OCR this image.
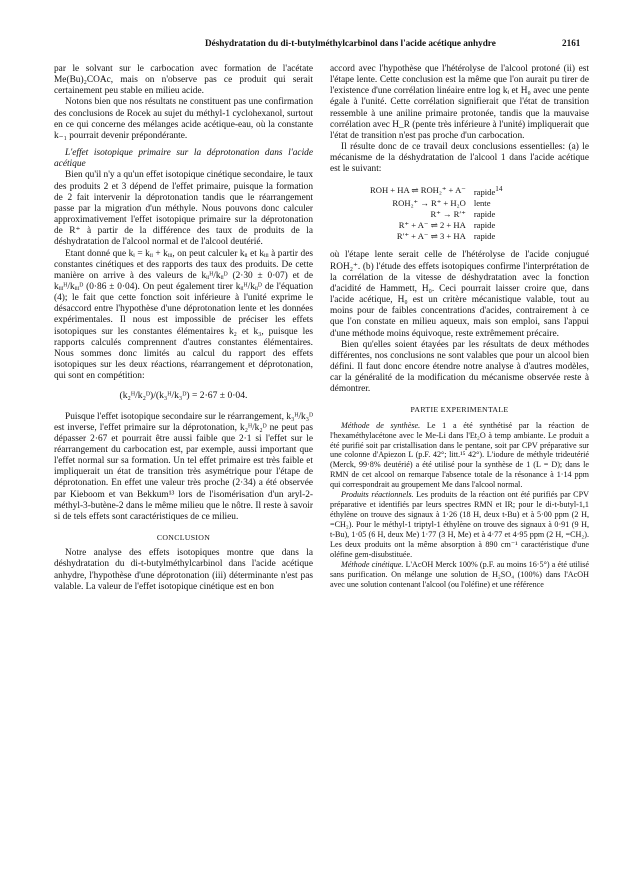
Déshydratation du di-t-butylméthylcarbinol dans l'acide acétique anhydre	2161

par le solvant sur le carbocation avec formation de l'acétate Me(Bu)₂COAc, mais on n'observe pas ce produit qui serait certainement peu stable en milieu acide.

Notons bien que nos résultats ne constituent pas une confirmation des conclusions de Rocek au sujet du méthyl-1 cyclohexanol, surtout en ce qui concerne des mélanges acide acétique-eau, où la constante k₋₁ pourrait devenir prépondérante.

L'effet isotopique primaire sur la déprotonation dans l'acide acétique

Bien qu'il n'y a qu'un effet isotopique cinétique secondaire, le taux des produits 2 et 3 dépend de l'effet primaire, puisque la formation de 2 fait intervenir la déprotonation tandis que le réarrangement passe par la migration d'un méthyle. Nous pouvons donc calculer approximativement l'effet isotopique primaire sur la déprotonation de R⁺ à partir de la différence des taux de produits de la déshydratation de l'alcool normal et de l'alcool deutérié.

Etant donné que kᵢ = kᵢᵢ + kᵢᵢᵢ, on peut calculer kᵢᵢ et kᵢᵢᵢ à partir des constantes cinétiques et des rapports des taux des produits. De cette manière on arrive à des valeurs de kᵢᵢᴴ/kᵢᵢᴰ (2·30 ± 0·07) et de kᵢᵢᵢᴴ/kᵢᵢᵢᴰ (0·86 ± 0·04). On peut également tirer kᵢᵢᴴ/kᵢᵢᴰ de l'équation (4); le fait que cette fonction soit inférieure à l'unité exprime le désaccord entre l'hypothèse d'une déprotonation lente et les données expérimentales. Il nous est impossible de préciser les effets isotopiques sur les constantes élémentaires k₂ et k₃, puisque les rapports calculés comprennent d'autres constantes élémentaires. Nous sommes donc limités au calcul du rapport des effets isotopiques sur les deux réactions, réarrangement et déprotonation, qui sont en compétition:

(k₂ᴴ/k₂ᴰ)/(k₃ᴴ/k₃ᴰ) = 2·67 ± 0·04.

Puisque l'effet isotopique secondaire sur le réarrangement, k₃ᴴ/k₃ᴰ est inverse, l'effet primaire sur la déprotonation, k₂ᴴ/k₂ᴰ ne peut pas dépasser 2·67 et pourrait être aussi faible que 2·1 si l'effet sur le réarrangement du carbocation est, par exemple, aussi important que l'effet normal sur sa formation. Un tel effet primaire est très faible et impliquerait un état de transition très asymétrique pour l'étape de déprotonation. En effet une valeur très proche (2·34) a été observée par Kieboom et van Bekkum¹³ lors de l'isomérisation d'un aryl-2-méthyl-3-butène-2 dans le même milieu que le nôtre. Il reste à savoir si de tels effets sont caractéristiques de ce milieu.

CONCLUSION

Notre analyse des effets isotopiques montre que dans la déshydratation du di-t-butylméthylcarbinol dans l'acide acétique anhydre, l'hypothèse d'une déprotonation (iii) déterminante n'est pas valable. La valeur de l'effet isotopique cinétique est en bon

accord avec l'hypothèse que l'hétérolyse de l'alcool protoné (ii) est l'étape lente. Cette conclusion est la même que l'on aurait pu tirer de l'existence d'une corrélation linéaire entre log kᵢ et H₀ avec une pente égale à l'unité. Cette corrélation signifierait que l'état de transition ressemble à une aniline primaire protonée, tandis que la mauvaise corrélation avec H_R (pente très inférieure à l'unité) impliquerait que l'état de transition n'est pas proche d'un carbocation.

Il résulte donc de ce travail deux conclusions essentielles: (a) le mécanisme de la déshydratation de l'alcool 1 dans l'acide acétique est le suivant:

ROH + HA ⇌ ROH₂⁺ + A⁻	rapide$^{14}$
ROH₂⁺ → R⁺ + H₂O	lente
R⁺ → R′⁺	rapide
R⁺ + A⁻ ⇌ 2 + HA	rapide
R′⁺ + A⁻ ⇌ 3 + HA	rapide

où l'étape lente serait celle de l'hétérolyse de l'acide conjugué ROH₂⁺. (b) l'étude des effets isotopiques confirme l'interprétation de la corrélation de la vitesse de déshydratation avec la fonction d'acidité de Hammett, H₀. Ceci pourrait laisser croire que, dans l'acide acétique, H₀ est un critère mécanistique valable, tout au moins pour de faibles concentrations d'acides, contrairement à ce que l'on constate en milieu aqueux, mais son emploi, sans l'appui d'une méthode moins équivoque, reste extrêmement précaire.

Bien qu'elles soient étayées par les résultats de deux méthodes différentes, nos conclusions ne sont valables que pour un alcool bien défini. Il faut donc encore étendre notre analyse à d'autres modèles, car la généralité de la modification du mécanisme observée reste à démontrer.

PARTIE EXPERIMENTALE

Méthode de synthèse. Le 1 a été synthétisé par la réaction de l'hexaméthylacétone avec le Me-Li dans l'Et₂O à temp ambiante. Le produit a été purifié soit par cristallisation dans le pentane, soit par CPV préparative sur une colonne d'Apiezon L (p.F. 42°; litt.¹⁵ 42°). L'iodure de méthyle trideutérié (Merck, 99·8% deutérié) a été utilisé pour la synthèse de 1 (L = D); dans le RMN de cet alcool on remarque l'absence totale de la résonance à 1·14 ppm qui correspondrait au groupement Me dans l'alcool normal.

Produits réactionnels. Les produits de la réaction ont été purifiés par CPV préparative et identifiés par leurs spectres RMN et IR; pour le di-t-butyl-1,1 éthylène on trouve des signaux à 1·26 (18 H, deux t-Bu) et à 5·00 ppm (2 H, =CH₂). Pour le méthyl-1 triptyl-1 éthylène on trouve des signaux à 0·91 (9 H, t-Bu), 1·05 (6 H, deux Me) 1·77 (3 H, Me) et à 4·77 et 4·95 ppm (2 H, =CH₂). Les deux produits ont la même absorption à 890 cm⁻¹ caractéristique d'une oléfine gem-disubstituée.

Méthode cinétique. L'AcOH Merck 100% (p.F. au moins 16·5°) a été utilisé sans purification. On mélange une solution de H₂SO₄ (100%) dans l'AcOH avec une solution contenant l'alcool (ou l'oléfine) et une référence
